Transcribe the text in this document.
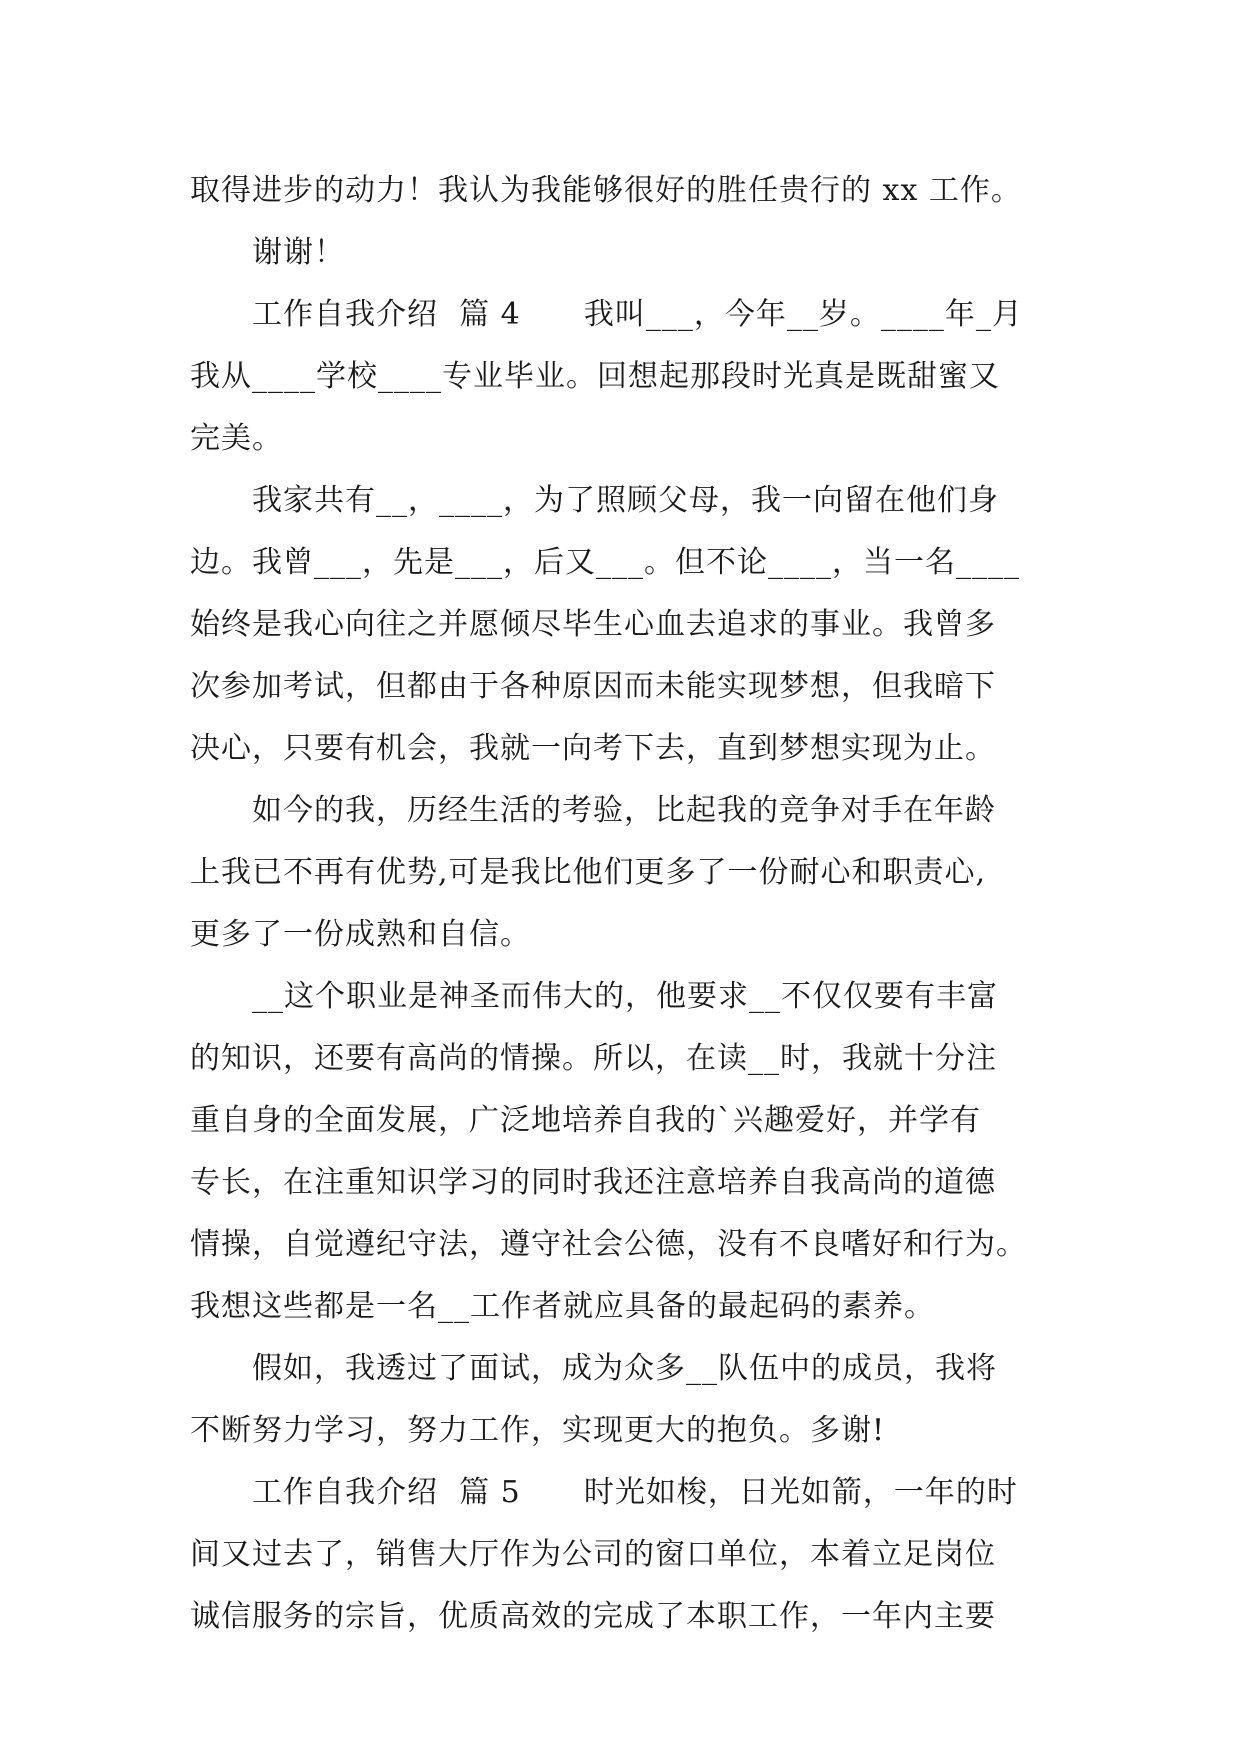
取得进步的动力！我认为我能够很好的胜任贵行的 xx 工作。
谢谢！
工作自我介绍  篇 4      我叫___，今年__岁。____年_月
我从____学校____专业毕业。回想起那段时光真是既甜蜜又
完美。
我家共有__，____，为了照顾父母，我一向留在他们身
边。我曾___，先是___，后又___。但不论____，当一名____
始终是我心向往之并愿倾尽毕生心血去追求的事业。我曾多
次参加考试，但都由于各种原因而未能实现梦想，但我暗下
决心，只要有机会，我就一向考下去，直到梦想实现为止。
如今的我，历经生活的考验，比起我的竞争对手在年龄
上我已不再有优势,可是我比他们更多了一份耐心和职责心,
更多了一份成熟和自信。
__这个职业是神圣而伟大的，他要求__不仅仅要有丰富
的知识，还要有高尚的情操。所以，在读__时，我就十分注
重自身的全面发展，广泛地培养自我的`兴趣爱好，并学有
专长，在注重知识学习的同时我还注意培养自我高尚的道德
情操，自觉遵纪守法，遵守社会公德，没有不良嗜好和行为。
我想这些都是一名__工作者就应具备的最起码的素养。
假如，我透过了面试，成为众多__队伍中的成员，我将
不断努力学习，努力工作，实现更大的抱负。多谢!
工作自我介绍  篇 5      时光如梭，日光如箭，一年的时
间又过去了，销售大厅作为公司的窗口单位，本着立足岗位
诚信服务的宗旨，优质高效的完成了本职工作，一年内主要
